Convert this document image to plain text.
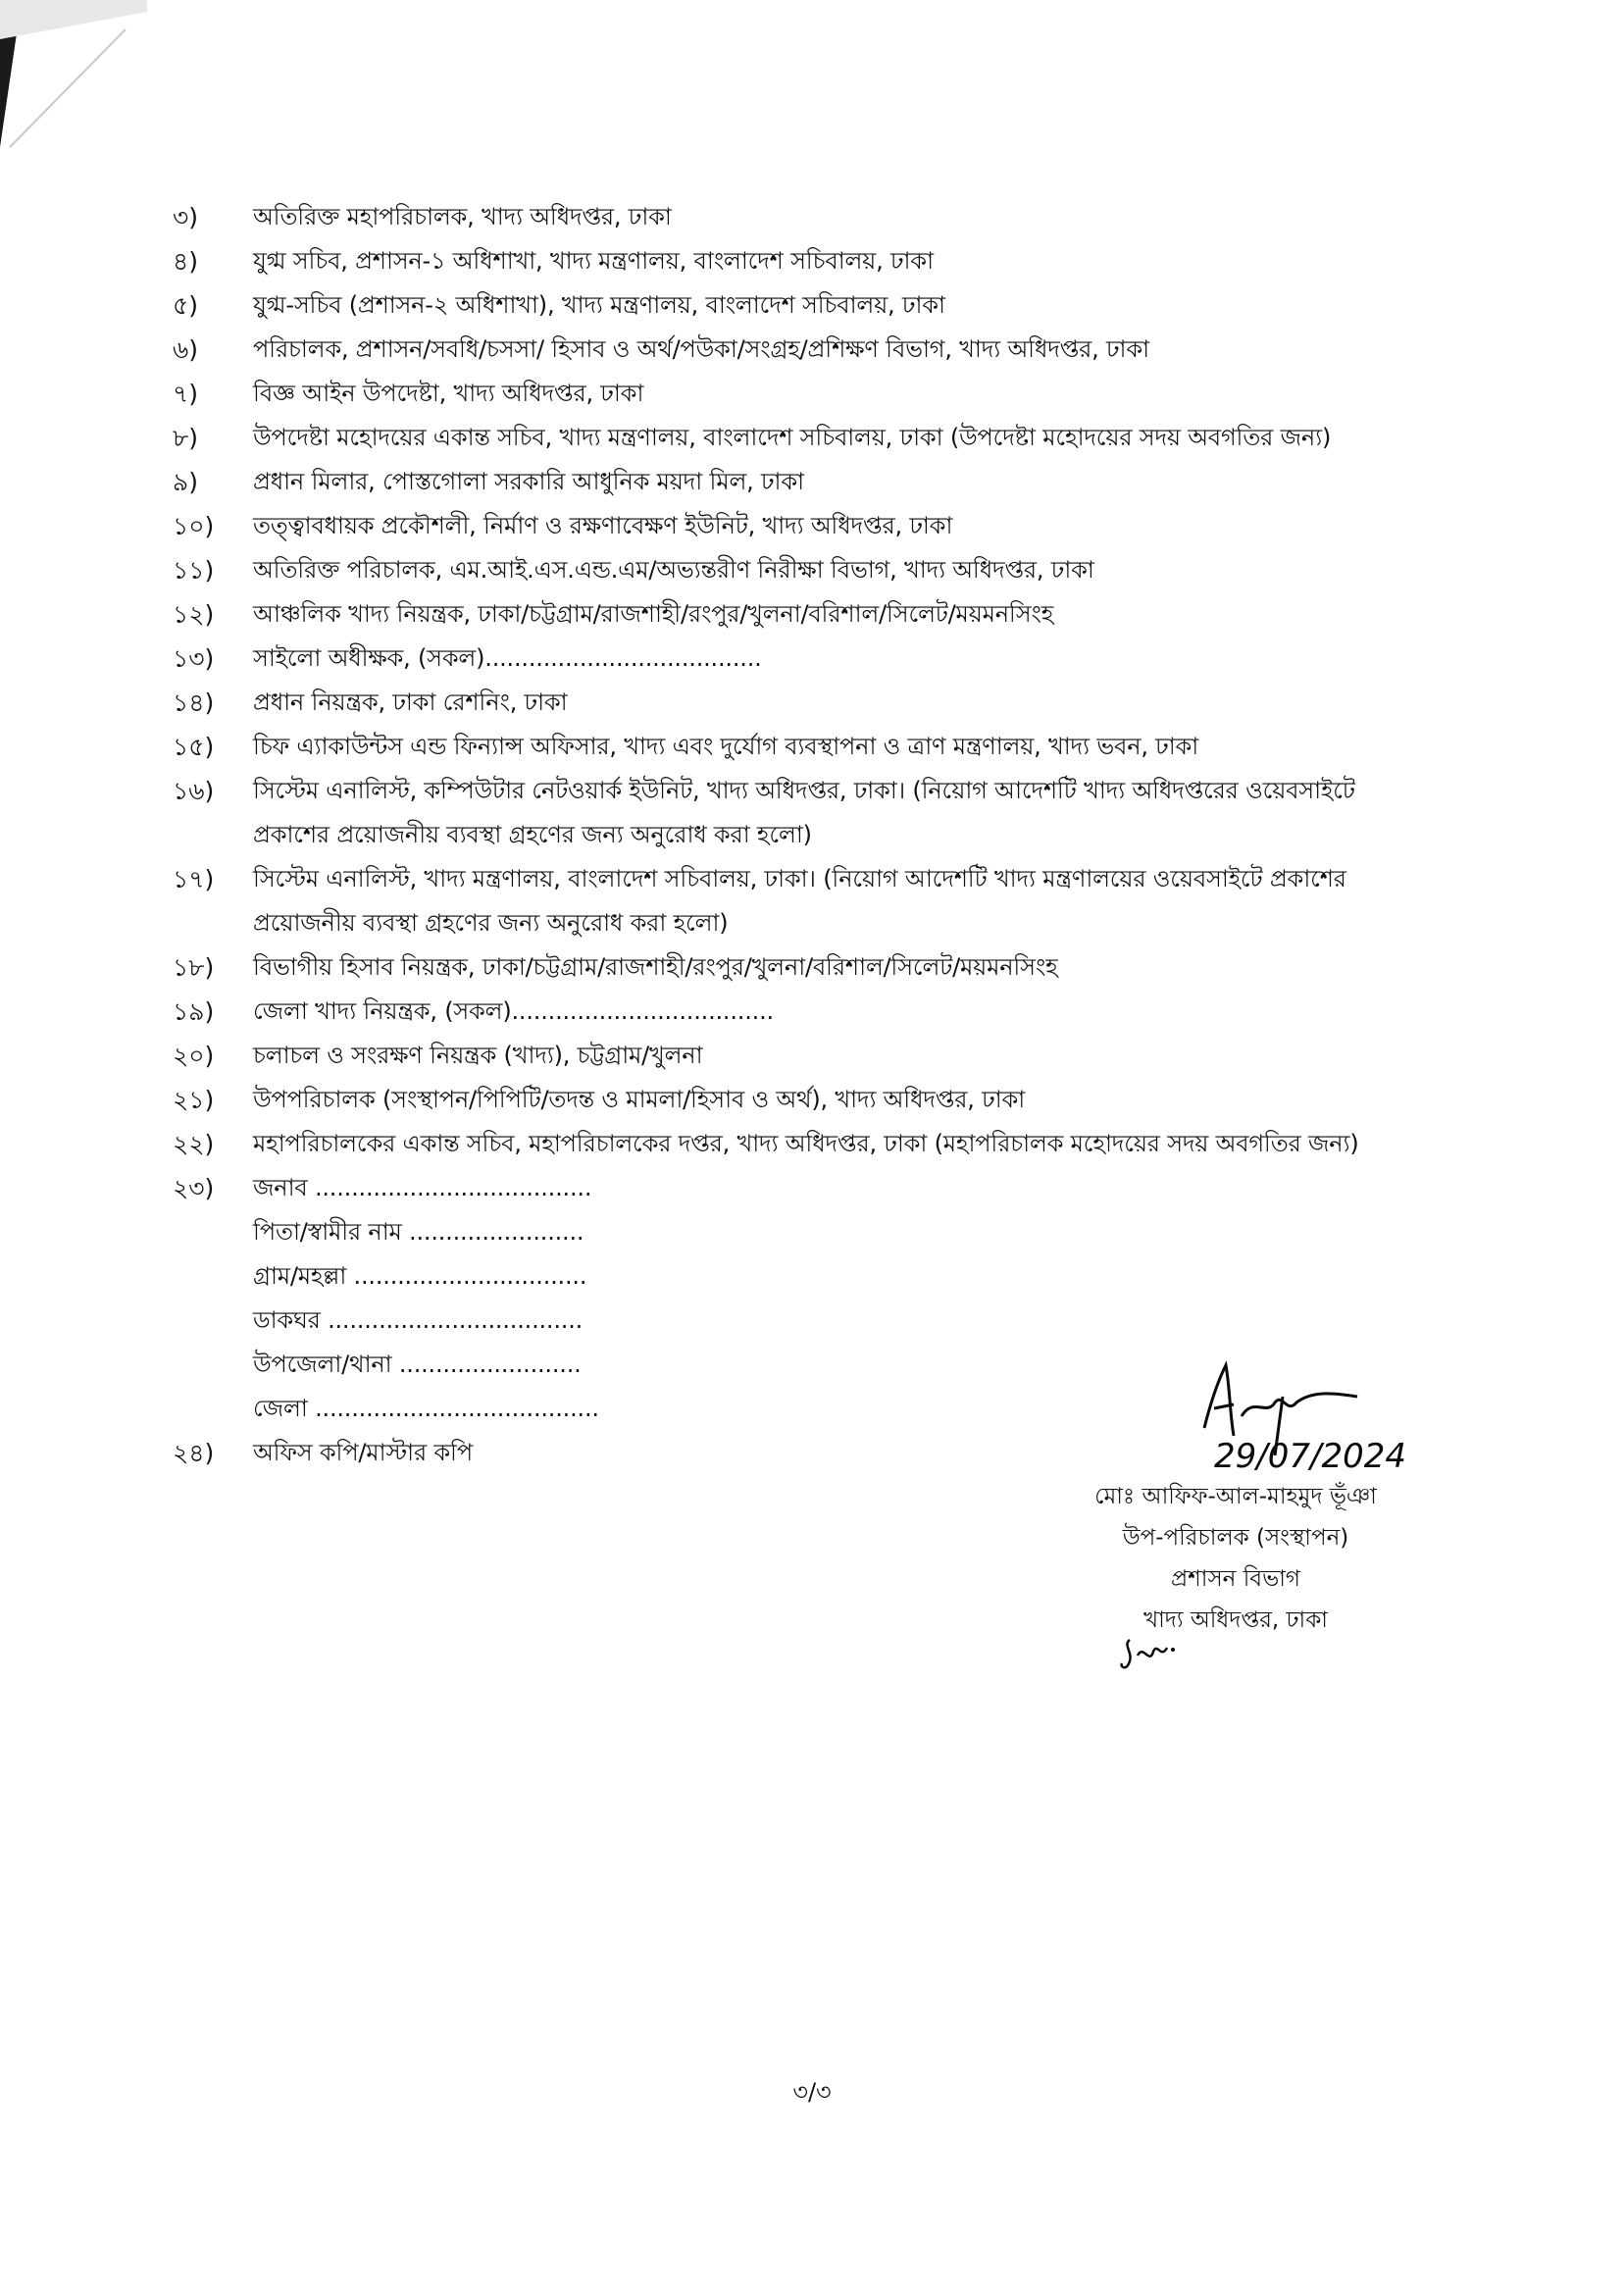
৩)	অতিরিক্ত মহাপরিচালক, খাদ্য অধিদপ্তর, ঢাকা
৪)	যুগ্ম সচিব, প্রশাসন-১ অধিশাখা, খাদ্য মন্ত্রণালয়, বাংলাদেশ সচিবালয়, ঢাকা
৫)	যুগ্ম-সচিব (প্রশাসন-২ অধিশাখা), খাদ্য মন্ত্রণালয়, বাংলাদেশ সচিবালয়, ঢাকা
৬)	পরিচালক, প্রশাসন/সবধি/চসসা/ হিসাব ও অর্থ/পউকা/সংগ্রহ/প্রশিক্ষণ বিভাগ, খাদ্য অধিদপ্তর, ঢাকা
৭)	বিজ্ঞ আইন উপদেষ্টা, খাদ্য অধিদপ্তর, ঢাকা
৮)	উপদেষ্টা মহোদয়ের একান্ত সচিব, খাদ্য মন্ত্রণালয়, বাংলাদেশ সচিবালয়, ঢাকা (উপদেষ্টা মহোদয়ের সদয় অবগতির জন্য)
৯)	প্রধান মিলার, পোস্তগোলা সরকারি আধুনিক ময়দা মিল, ঢাকা
১০)	তত্ত্বাবধায়ক প্রকৌশলী, নির্মাণ ও রক্ষণাবেক্ষণ ইউনিট, খাদ্য অধিদপ্তর, ঢাকা
১১)	অতিরিক্ত পরিচালক, এম.আই.এস.এন্ড.এম/অভ্যন্তরীণ নিরীক্ষা বিভাগ, খাদ্য অধিদপ্তর, ঢাকা
১২)	আঞ্চলিক খাদ্য নিয়ন্ত্রক, ঢাকা/চট্টগ্রাম/রাজশাহী/রংপুর/খুলনা/বরিশাল/সিলেট/ময়মনসিংহ
১৩)	সাইলো অধীক্ষক, (সকল)......................................
১৪)	প্রধান নিয়ন্ত্রক, ঢাকা রেশনিং, ঢাকা
১৫)	চিফ এ্যাকাউন্টস এন্ড ফিন্যান্স অফিসার, খাদ্য এবং দুর্যোগ ব্যবস্থাপনা ও ত্রাণ মন্ত্রণালয়, খাদ্য ভবন, ঢাকা
১৬)	সিস্টেম এনালিস্ট, কম্পিউটার নেটওয়ার্ক ইউনিট, খাদ্য অধিদপ্তর, ঢাকা। (নিয়োগ আদেশটি খাদ্য অধিদপ্তরের ওয়েবসাইটে
প্রকাশের প্রয়োজনীয় ব্যবস্থা গ্রহণের জন্য অনুরোধ করা হলো)
১৭)	সিস্টেম এনালিস্ট, খাদ্য মন্ত্রণালয়, বাংলাদেশ সচিবালয়, ঢাকা। (নিয়োগ আদেশটি খাদ্য মন্ত্রণালয়ের ওয়েবসাইটে প্রকাশের
প্রয়োজনীয় ব্যবস্থা গ্রহণের জন্য অনুরোধ করা হলো)
১৮)	বিভাগীয় হিসাব নিয়ন্ত্রক, ঢাকা/চট্টগ্রাম/রাজশাহী/রংপুর/খুলনা/বরিশাল/সিলেট/ময়মনসিংহ
১৯)	জেলা খাদ্য নিয়ন্ত্রক, (সকল)....................................
২০)	চলাচল ও সংরক্ষণ নিয়ন্ত্রক (খাদ্য), চট্টগ্রাম/খুলনা
২১)	উপপরিচালক (সংস্থাপন/পিপিটি/তদন্ত ও মামলা/হিসাব ও অর্থ), খাদ্য অধিদপ্তর, ঢাকা
২২)	মহাপরিচালকের একান্ত সচিব, মহাপরিচালকের দপ্তর, খাদ্য অধিদপ্তর, ঢাকা (মহাপরিচালক মহোদয়ের সদয় অবগতির জন্য)
২৩)	জনাব ......................................
পিতা/স্বামীর নাম ........................
গ্রাম/মহল্লা ................................
ডাকঘর ...................................
উপজেলা/থানা .........................
জেলা .......................................
২৪)	অফিস কপি/মাস্টার কপি	29/07/2024
মোঃ আফিফ-আল-মাহমুদ ভূঁঞা
উপ-পরিচালক (সংস্থাপন)
প্রশাসন বিভাগ
খাদ্য অধিদপ্তর, ঢাকা
৩/৩
